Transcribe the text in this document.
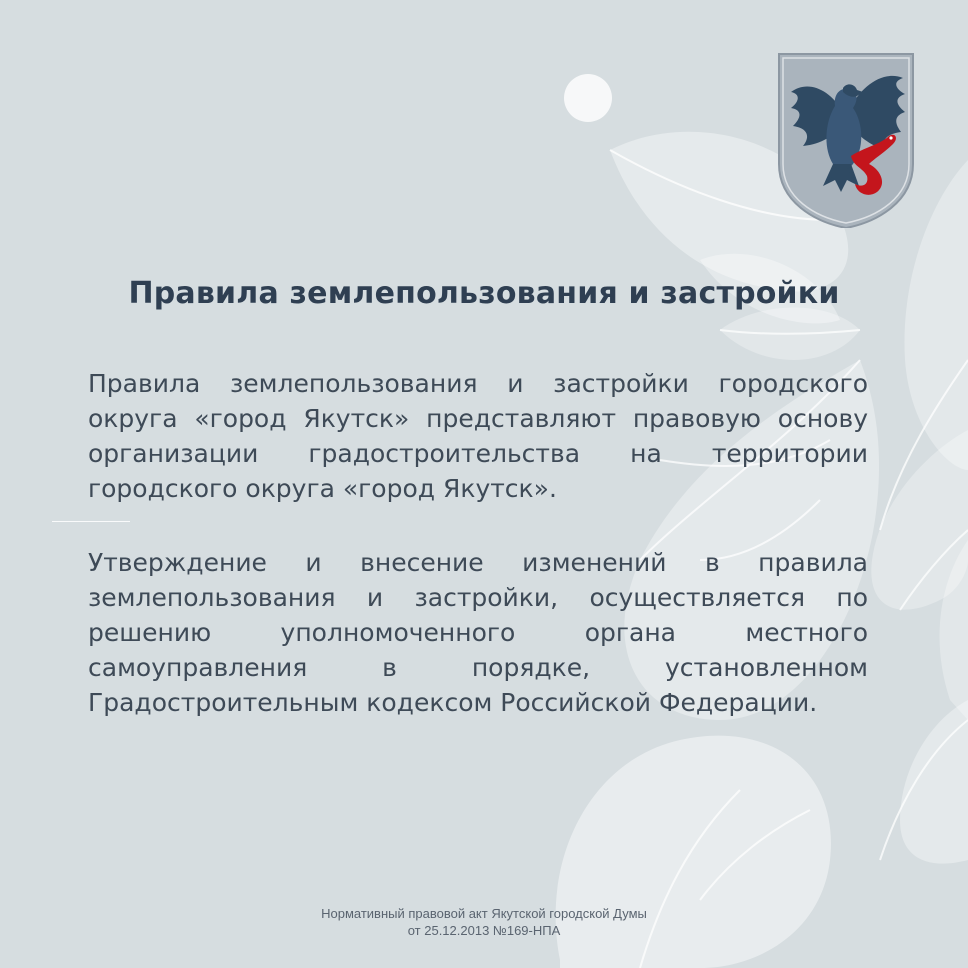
Правила землепользования и застройки

Правила землепользования и застройки городского округа «город Якутск» представляют правовую основу организации градостроительства на территории городского округа «город Якутск».

Утверждение и внесение изменений в правила землепользования и застройки, осуществляется по решению уполномоченного органа местного самоуправления в порядке, установленном Градостроительным кодексом Российской Федерации.

Нормативный правовой акт Якутской городской Думы
от 25.12.2013 №169-НПА
